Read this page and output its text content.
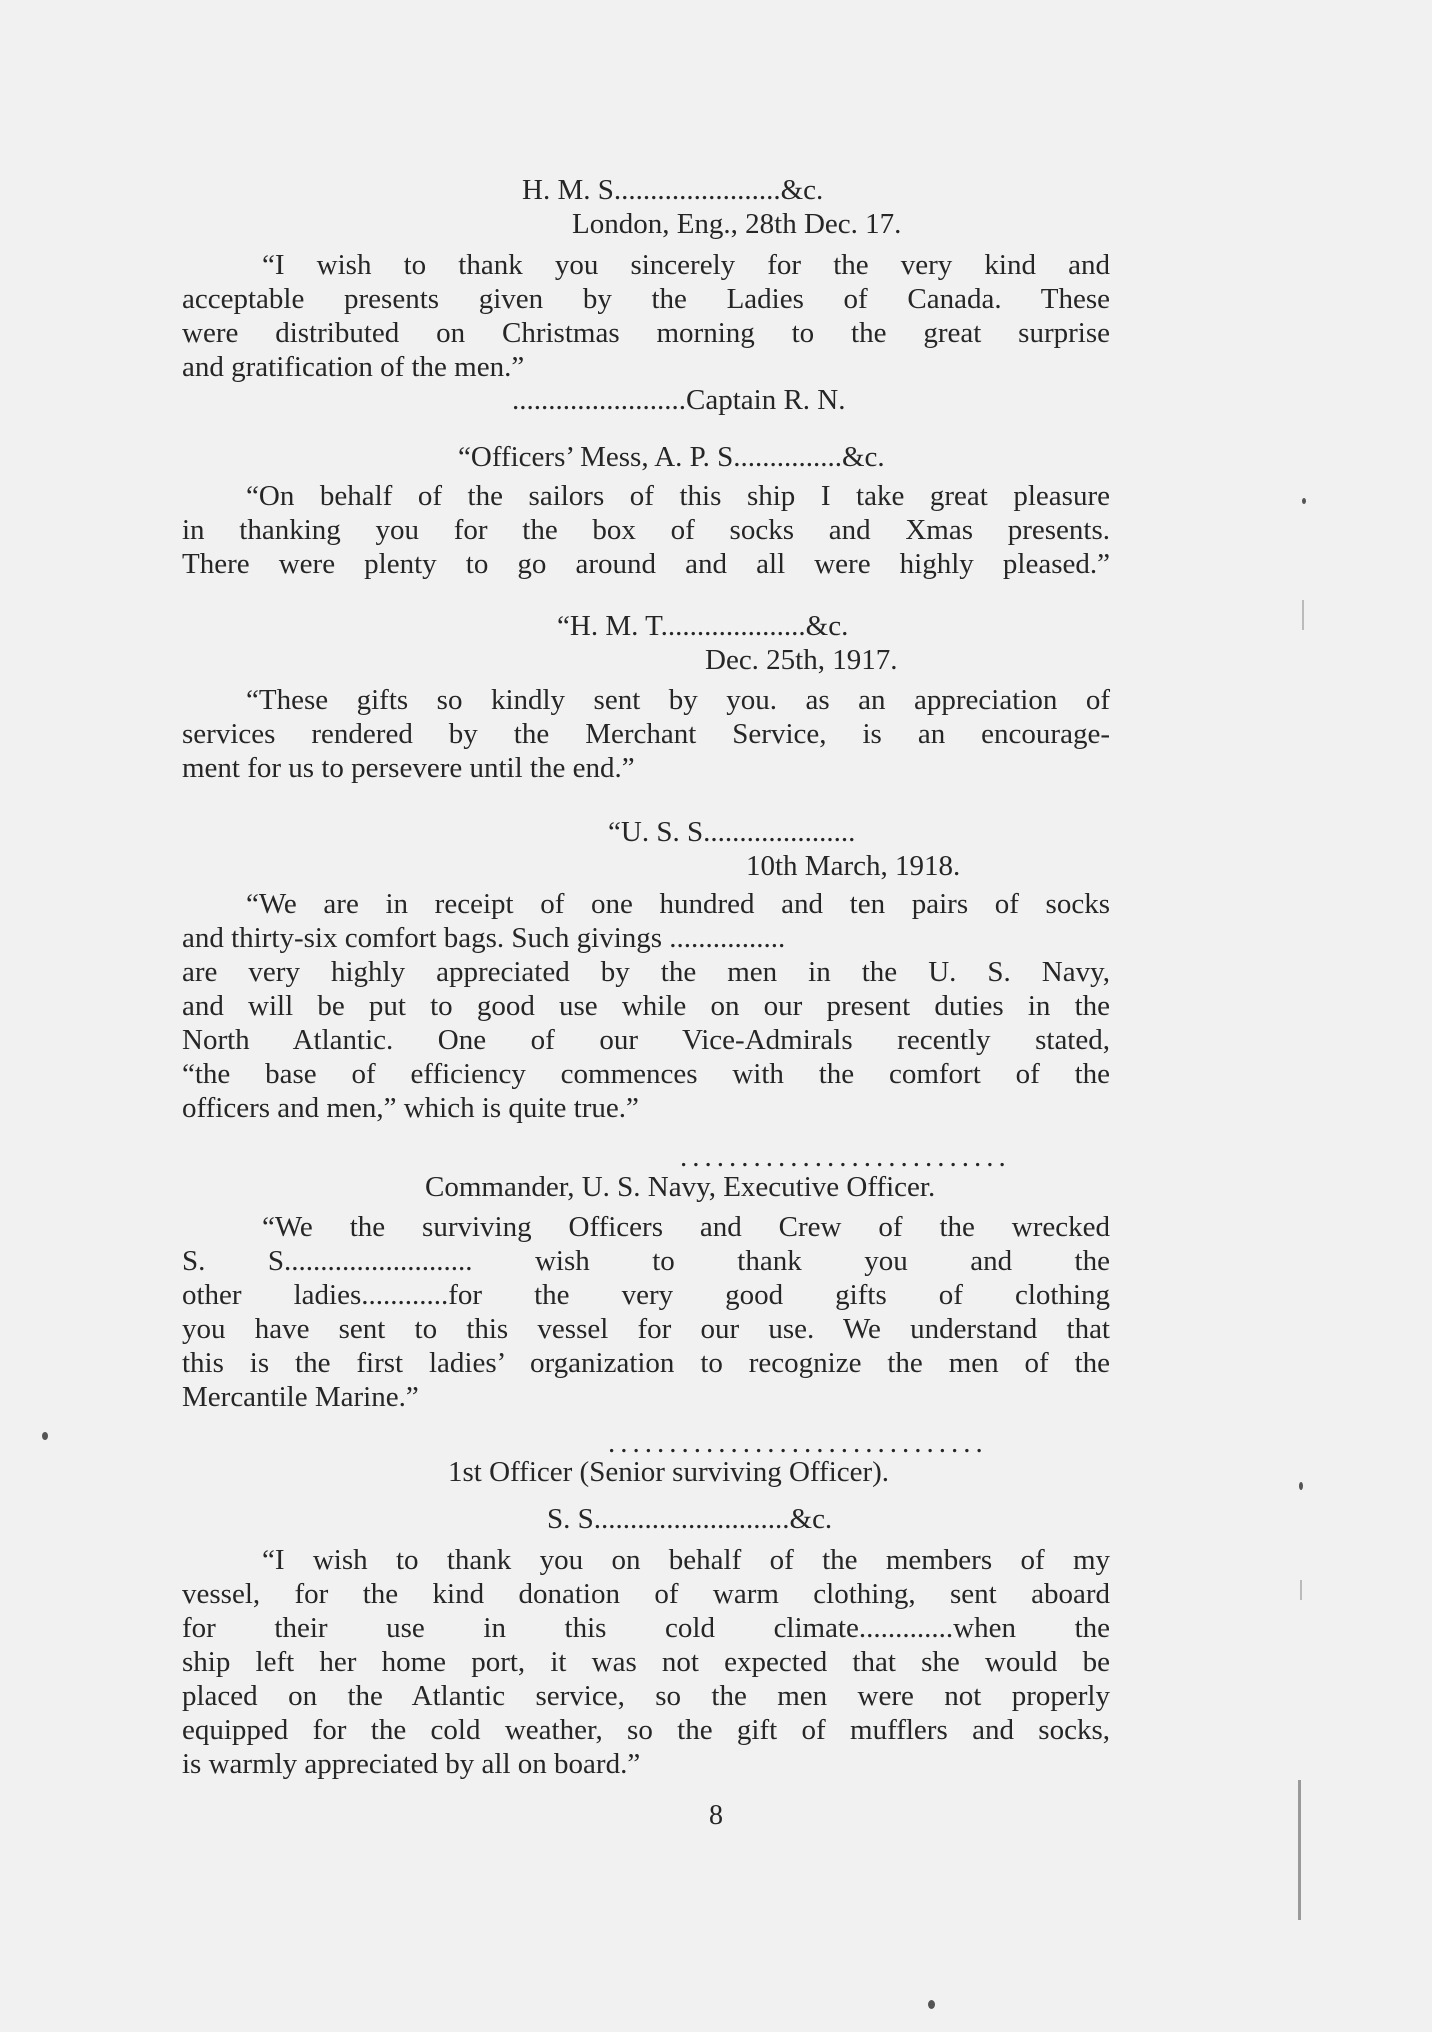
H. M. S.......................&c.
London, Eng., 28th Dec. 17.
“I wish to thank you sincerely for the very kind and
acceptable presents given by the Ladies of Canada. These
were distributed on Christmas morning to the great surprise
and gratification of the men.”
........................Captain R. N.
“Officers’ Mess, A. P. S...............&c.
“On behalf of the sailors of this ship I take great pleasure
in thanking you for the box of socks and Xmas presents.
There were plenty to go around and all were highly pleased.”
“H. M. T....................&c.
Dec. 25th, 1917.
“These gifts so kindly sent by you. as an appreciation of
services rendered by the Merchant Service, is an encourage-
ment for us to persevere until the end.”
“U. S. S.....................
10th March, 1918.
“We are in receipt of one hundred and ten pairs of socks
and thirty-six comfort bags. Such givings ................
are very highly appreciated by the men in the U. S. Navy,
and will be put to good use while on our present duties in the
North Atlantic. One of our Vice-Admirals recently stated,
“the base of efficiency commences with the comfort of the
officers and men,” which is quite true.”
...........................
Commander, U. S. Navy, Executive Officer.
“We the surviving Officers and Crew of the wrecked
S. S.......................... wish to thank you and the
other ladies............for the very good gifts of clothing
you have sent to this vessel for our use. We understand that
this is the first ladies’ organization to recognize the men of the
Mercantile Marine.”
...............................
1st Officer (Senior surviving Officer).
S. S...........................&c.
“I wish to thank you on behalf of the members of my
vessel, for the kind donation of warm clothing, sent aboard
for their use in this cold climate.............when the
ship left her home port, it was not expected that she would be
placed on the Atlantic service, so the men were not properly
equipped for the cold weather, so the gift of mufflers and socks,
is warmly appreciated by all on board.”
8
